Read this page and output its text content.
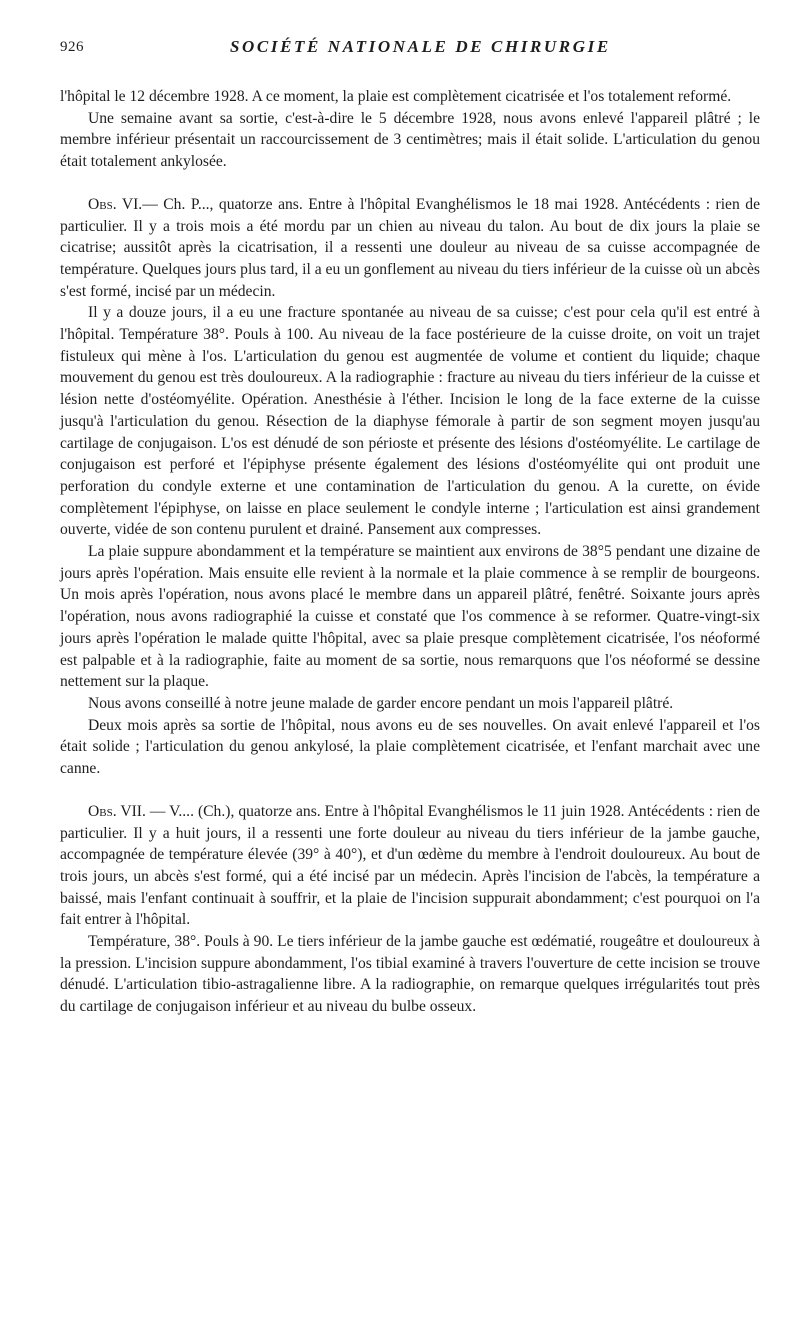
926	SOCIÉTÉ NATIONALE DE CHIRURGIE

l'hôpital le 12 décembre 1928. A ce moment, la plaie est complètement cicatrisée et l'os totalement reformé.

Une semaine avant sa sortie, c'est-à-dire le 5 décembre 1928, nous avons enlevé l'appareil plâtré ; le membre inférieur présentait un raccourcissement de 3 centimètres; mais il était solide. L'articulation du genou était totalement ankylosée.

Obs. VI.— Ch. P..., quatorze ans. Entre à l'hôpital Evanghélismos le 18 mai 1928. Antécédents : rien de particulier. Il y a trois mois a été mordu par un chien au niveau du talon. Au bout de dix jours la plaie se cicatrise; aussitôt après la cicatrisation, il a ressenti une douleur au niveau de sa cuisse accompagnée de température. Quelques jours plus tard, il a eu un gonflement au niveau du tiers inférieur de la cuisse où un abcès s'est formé, incisé par un médecin.

Il y a douze jours, il a eu une fracture spontanée au niveau de sa cuisse; c'est pour cela qu'il est entré à l'hôpital. Température 38°. Pouls à 100. Au niveau de la face postérieure de la cuisse droite, on voit un trajet fistuleux qui mène à l'os. L'articulation du genou est augmentée de volume et contient du liquide; chaque mouvement du genou est très douloureux. A la radiographie : fracture au niveau du tiers inférieur de la cuisse et lésion nette d'ostéomyélite. Opération. Anesthésie à l'éther. Incision le long de la face externe de la cuisse jusqu'à l'articulation du genou. Résection de la diaphyse fémorale à partir de son segment moyen jusqu'au cartilage de conjugaison. L'os est dénudé de son périoste et présente des lésions d'ostéomyélite. Le cartilage de conjugaison est perforé et l'épiphyse présente également des lésions d'ostéomyélite qui ont produit une perforation du condyle externe et une contamination de l'articulation du genou. A la curette, on évide complètement l'épiphyse, on laisse en place seulement le condyle interne ; l'articulation est ainsi grandement ouverte, vidée de son contenu purulent et drainé. Pansement aux compresses.

La plaie suppure abondamment et la température se maintient aux environs de 38°5 pendant une dizaine de jours après l'opération. Mais ensuite elle revient à la normale et la plaie commence à se remplir de bourgeons. Un mois après l'opération, nous avons placé le membre dans un appareil plâtré, fenêtré. Soixante jours après l'opération, nous avons radiographié la cuisse et constaté que l'os commence à se reformer. Quatre-vingt-six jours après l'opération le malade quitte l'hôpital, avec sa plaie presque complètement cicatrisée, l'os néoformé est palpable et à la radiographie, faite au moment de sa sortie, nous remarquons que l'os néoformé se dessine nettement sur la plaque.

Nous avons conseillé à notre jeune malade de garder encore pendant un mois l'appareil plâtré.

Deux mois après sa sortie de l'hôpital, nous avons eu de ses nouvelles. On avait enlevé l'appareil et l'os était solide ; l'articulation du genou ankylosé, la plaie complètement cicatrisée, et l'enfant marchait avec une canne.

Obs. VII. — V.... (Ch.), quatorze ans. Entre à l'hôpital Evanghélismos le 11 juin 1928. Antécédents : rien de particulier. Il y a huit jours, il a ressenti une forte douleur au niveau du tiers inférieur de la jambe gauche, accompagnée de température élevée (39° à 40°), et d'un œdème du membre à l'endroit douloureux. Au bout de trois jours, un abcès s'est formé, qui a été incisé par un médecin. Après l'incision de l'abcès, la température a baissé, mais l'enfant continuait à souffrir, et la plaie de l'incision suppurait abondamment; c'est pourquoi on l'a fait entrer à l'hôpital.

Température, 38°. Pouls à 90. Le tiers inférieur de la jambe gauche est œdématié, rougeâtre et douloureux à la pression. L'incision suppure abondamment, l'os tibial examiné à travers l'ouverture de cette incision se trouve dénudé. L'articulation tibio-astragalienne libre. A la radiographie, on remarque quelques irrégularités tout près du cartilage de conjugaison inférieur et au niveau du bulbe osseux.
